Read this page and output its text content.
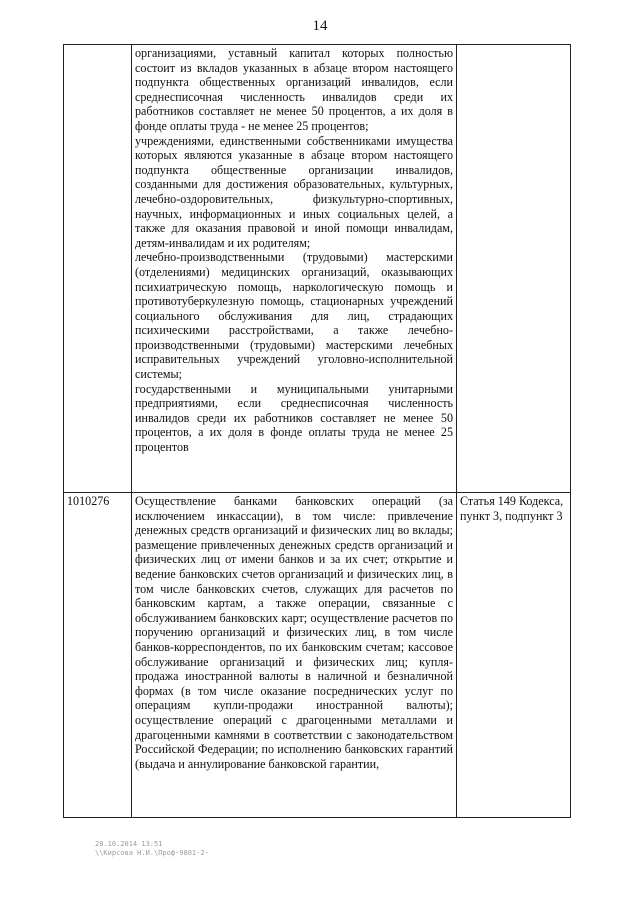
14

	организациями, уставный капитал которых полностью состоит из вкладов указанных в абзаце втором настоящего подпункта общественных организаций инвалидов, если среднесписочная численность инвалидов среди их работников составляет не менее 50 процентов, а их доля в фонде оплаты труда - не менее 25 процентов;
учреждениями, единственными собственниками имущества которых являются указанные в абзаце втором настоящего подпункта общественные организации инвалидов, созданными для достижения образовательных, культурных, лечебно-оздоровительных, физкультурно-спортивных, научных, информационных и иных социальных целей, а также для оказания правовой и иной помощи инвалидам, детям-инвалидам и их родителям;
лечебно-производственными (трудовыми) мастерскими (отделениями) медицинских организаций, оказывающих психиатрическую помощь, наркологическую помощь и противотуберкулезную помощь, стационарных учреждений социального обслуживания для лиц, страдающих психическими расстройствами, а также лечебно-производственными (трудовыми) мастерскими лечебных исправительных учреждений уголовно-исполнительной системы;
государственными и муниципальными унитарными предприятиями, если среднесписочная численность инвалидов среди их работников составляет не менее 50 процентов, а их доля в фонде оплаты труда не менее 25 процентов	

1010276	Осуществление банками банковских операций (за исключением инкассации), в том числе: привлечение денежных средств организаций и физических лиц во вклады; размещение привлеченных денежных средств организаций и физических лиц от имени банков и за их счет; открытие и ведение банковских счетов организаций и физических лиц, в том числе банковских счетов, служащих для расчетов по банковским картам, а также операции, связанные с обслуживанием банковских карт; осуществление расчетов по поручению организаций и физических лиц, в том числе банков-корреспондентов, по их банковским счетам; кассовое обслуживание организаций и физических лиц; купля-продажа иностранной валюты в наличной и безналичной формах (в том числе оказание посреднических услуг по операциям купли-продажи иностранной валюты); осуществление операций с драгоценными металлами и драгоценными камнями в соответствии с законодательством Российской Федерации; по исполнению банковских гарантий (выдача и аннулирование банковской гарантии,	Статья 149 Кодекса, пункт 3, подпункт 3
28.10.2014 13:51
\\Кирсова Н.И.\Проф-9801-2-
